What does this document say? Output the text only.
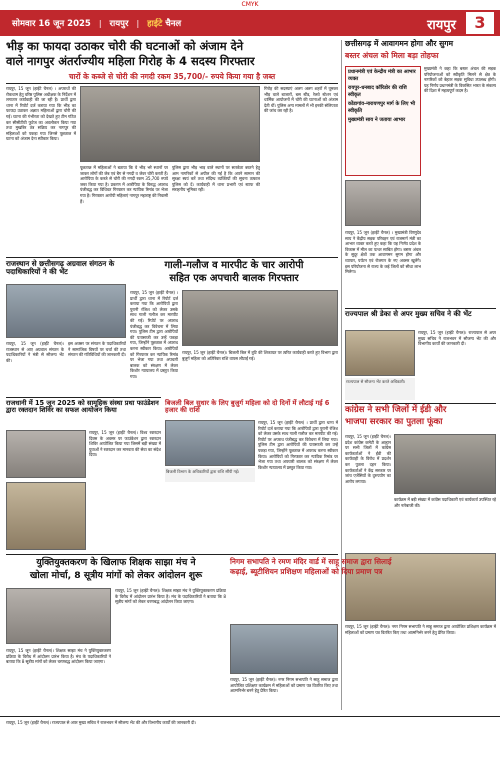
CMYK
सोमवार 16 जून 2025 | रायपुर | हाईटे चैनल	रायपुर	3
भीड़ का फायदा उठाकर चोरी की घटनाओं को अंजाम देने
वाले नागपुर अंतर्राज्यीय महिला गिरोह के 4 सदस्य गिरफ्तार
चारों के कब्जे से चोरी की नगदी रकम 35,700/- रुपये किया गया है जब्त
रायपुर, 15 जून (हाईटे चैनल) । अपराधों की रोकथाम हेतु वरिष्ठ पुलिस अधीक्षक के निर्देशन में लगातार कार्यवाही की जा रही है। प्रार्थी द्वारा थाना में रिपोर्ट दर्ज कराया गया कि भीड़ का फायदा उठाकर अज्ञात महिलाओं द्वारा चोरी की गई। घटना की गंभीरता को देखते हुए टीम गठित कर सीसीटीवी फुटेज का अवलोकन किया गया तथा मुखबिर तंत्र सक्रिय कर नागपुर की महिलाओं को पकड़ा गया जिनसे पूछताछ में घटना को अंजाम देना स्वीकार किया।
पूछताछ में महिलाओं ने बताया कि वे भीड़ भरे स्थानों पर जाकर लोगों की जेब एवं बैग से नगदी व जेवर चोरी करती हैं। आरोपिया के कब्जे से चोरी की नगदी रकम 35,700 रुपये जब्त किया गया है। प्रकरण में आरोपिया के विरुद्ध अपराध पंजीबद्ध कर विधिवत गिरफ्तार कर न्यायिक रिमांड पर भेजा गया है। गिरफ्तार आरोपी महिलाएं नागपुर महाराष्ट्र की निवासी हैं।
पुलिस द्वारा भीड़ भाड़ वाले स्थानों पर सतर्कता बरतने हेतु आम नागरिकों से अपील की गई है कि अपने सामान की सुरक्षा स्वयं करें तथा संदिग्ध व्यक्तियों की सूचना तत्काल पुलिस को दें। कार्यवाही में थाना प्रभारी एवं स्टाफ की सराहनीय भूमिका रही।
गिरोह की सदस्याएं अलग अलग शहरों में घूमकर भीड़ वाले बाजारों, बस स्टैंड, रेलवे स्टेशन एवं धार्मिक आयोजनों में चोरी की घटनाओं को अंजाम देती थीं। पुलिस अन्य मामलों में भी इनकी संलिप्तता की जांच कर रही है।
छत्तीसगढ़ में आवागमन होगा और सुगम
बस्तर अंचल को मिला बड़ा तोहफा
प्रधानमंत्री एवं केन्द्रीय मंत्री का आभार व्यक्त
रायपुर-धनबाद कॉरिडोर की राशि स्वीकृत
कोंडागांव-नारायणपुर मार्ग के लिए भी स्वीकृति
मुख्यमंत्री साय ने जताया आभार
रायपुर, 15 जून (हाईटे चैनल) । मुख्यमंत्री विष्णुदेव साय ने केंद्रीय सड़क परिवहन एवं राजमार्ग मंत्री का आभार व्यक्त करते हुए कहा कि यह निर्णय प्रदेश के विकास में मील का पत्थर साबित होगा। बस्तर अंचल के सुदूर क्षेत्रों तक आवागमन सुगम होगा और व्यापार, पर्यटन एवं रोजगार के नए अवसर खुलेंगे। इस परियोजना से राज्य के कई जिलों को सीधा लाभ मिलेगा।
मुख्यमंत्री ने कहा कि बस्तर अंचल की सड़क परियोजनाओं को स्वीकृति मिलने से क्षेत्र के नागरिकों को बेहतर सड़क सुविधा उपलब्ध होगी। यह निर्णय प्रधानमंत्री के विकसित भारत के संकल्प की दिशा में महत्वपूर्ण कदम है।
राज्यपाल श्री डेका से अपर मुख्य सचिव ने की भेंट
रायपुर, 15 जून (हाईटे चैनल)। राज्यपाल से अपर मुख्य सचिव ने राजभवन में सौजन्य भेंट की और विभागीय कार्यों की जानकारी दी।
राज्यपाल से सौजन्य भेंट करते अधिकारी।
राजस्थान से छत्तीसगढ़ अग्रवाल संगठन के पदाधिकारियों ने की भेंट
रायपुर, 15 जून (हाईटे चैनल)। राजस्थान से आए अग्रवाल संगठन के पदाधिकारियों ने मंत्री से सौजन्य भेंट की।
इस अवसर पर संगठन के पदाधिकारियों ने सामाजिक विषयों पर चर्चा की तथा संगठन की गतिविधियों की जानकारी दी।
गाली-गलौज व मारपीट के चार आरोपी
सहित एक अपचारी बालक गिरफ्तार
रायपुर, 15 जून (हाईटे चैनल) । प्रार्थी द्वारा थाना में रिपोर्ट दर्ज कराया गया कि आरोपियों द्वारा पुरानी रंजिश को लेकर उसके साथ गाली गलौज कर मारपीट की गई। रिपोर्ट पर अपराध पंजीबद्ध कर विवेचना में लिया गया। पुलिस टीम द्वारा आरोपियों की पतासाजी कर उन्हें पकड़ा गया, जिन्होंने पूछताछ में अपराध करना स्वीकार किया। आरोपियों को गिरफ्तार कर न्यायिक रिमांड पर भेजा गया तथा अपचारी बालक को संरक्षण में लेकर किशोर न्यायालय में प्रस्तुत किया गया।
रायपुर, 15 जून (हाईटे चैनल)। बिजली बिल में त्रुटि की शिकायत पर त्वरित कार्यवाही करते हुए विभाग द्वारा बुजुर्ग महिला को अतिरिक्त राशि वापस लौटाई गई।
राजधानी में 15 जून 2025 को सामूहिक संस्था प्रथा फाउंडेशन द्वारा रक्तदान शिविर का सफल आयोजन किया
रायपुर, 15 जून (हाईटे चैनल)। विश्व रक्तदान दिवस के अवसर पर फाउंडेशन द्वारा रक्तदान शिविर आयोजित किया गया जिसमें बड़ी संख्या में युवाओं ने रक्तदान कर मानवता की सेवा का संदेश दिया।
बिजली बिल सुधार के लिए बुजुर्ग महिला को दो दिनों में लौटाई गई 6 हजार की राशि
बिजली विभाग के अधिकारियों द्वारा राशि सौंपी गई।
रायपुर, 15 जून (हाईटे चैनल) । प्रार्थी द्वारा थाना में रिपोर्ट दर्ज कराया गया कि आरोपियों द्वारा पुरानी रंजिश को लेकर उसके साथ गाली गलौज कर मारपीट की गई। रिपोर्ट पर अपराध पंजीबद्ध कर विवेचना में लिया गया। पुलिस टीम द्वारा आरोपियों की पतासाजी कर उन्हें पकड़ा गया, जिन्होंने पूछताछ में अपराध करना स्वीकार किया। आरोपियों को गिरफ्तार कर न्यायिक रिमांड पर भेजा गया तथा अपचारी बालक को संरक्षण में लेकर किशोर न्यायालय में प्रस्तुत किया गया।
कांग्रेस ने सभी जिलों में ईडी और
भाजपा सरकार का पुतला फूंका
रायपुर, 15 जून (हाईटे चैनल)। प्रदेश कांग्रेस कमेटी के आह्वान पर सभी जिलों में कांग्रेस कार्यकर्ताओं ने ईडी की कार्यवाही के विरोध में प्रदर्शन कर पुतला दहन किया। कार्यकर्ताओं ने केंद्र सरकार पर जांच एजेंसियों के दुरुपयोग का आरोप लगाया।
कार्यक्रम में बड़ी संख्या में कांग्रेस पदाधिकारी एवं कार्यकर्ता उपस्थित रहे और नारेबाजी की।
युक्तियुक्तकरण के खिलाफ शिक्षक साझा मंच ने
खोला मोर्चा, 8 सूत्रीय मांगों को लेकर आंदोलन शुरू
रायपुर, 15 जून (हाईटे चैनल)। शिक्षक साझा मंच ने युक्तियुक्तकरण प्रक्रिया के विरोध में आंदोलन प्रारंभ किया है। मंच के पदाधिकारियों ने बताया कि 8 सूत्रीय मांगों को लेकर चरणबद्ध आंदोलन किया जाएगा।
रायपुर, 15 जून (हाईटे चैनल)। शिक्षक साझा मंच ने युक्तियुक्तकरण प्रक्रिया के विरोध में आंदोलन प्रारंभ किया है। मंच के पदाधिकारियों ने बताया कि 8 सूत्रीय मांगों को लेकर चरणबद्ध आंदोलन किया जाएगा।
निगम सभापति ने रमण मंदिर वार्ड में साहू समाज द्वारा सिलाई
कढ़ाई, ब्यूटीशियन प्रशिक्षण महिलाओं को दिया प्रमाण पत्र
रायपुर, 15 जून (हाईटे चैनल)। नगर निगम सभापति ने साहू समाज द्वारा आयोजित प्रशिक्षण कार्यक्रम में महिलाओं को प्रमाण पत्र वितरित किए तथा आत्मनिर्भर बनने हेतु प्रेरित किया।
रायपुर, 15 जून (हाईटे चैनल)। नगर निगम सभापति ने साहू समाज द्वारा आयोजित प्रशिक्षण कार्यक्रम में महिलाओं को प्रमाण पत्र वितरित किए तथा आत्मनिर्भर बनने हेतु प्रेरित किया।
रायपुर, 15 जून (हाईटे चैनल)। राज्यपाल से अपर मुख्य सचिव ने राजभवन में सौजन्य भेंट की और विभागीय कार्यों की जानकारी दी।
